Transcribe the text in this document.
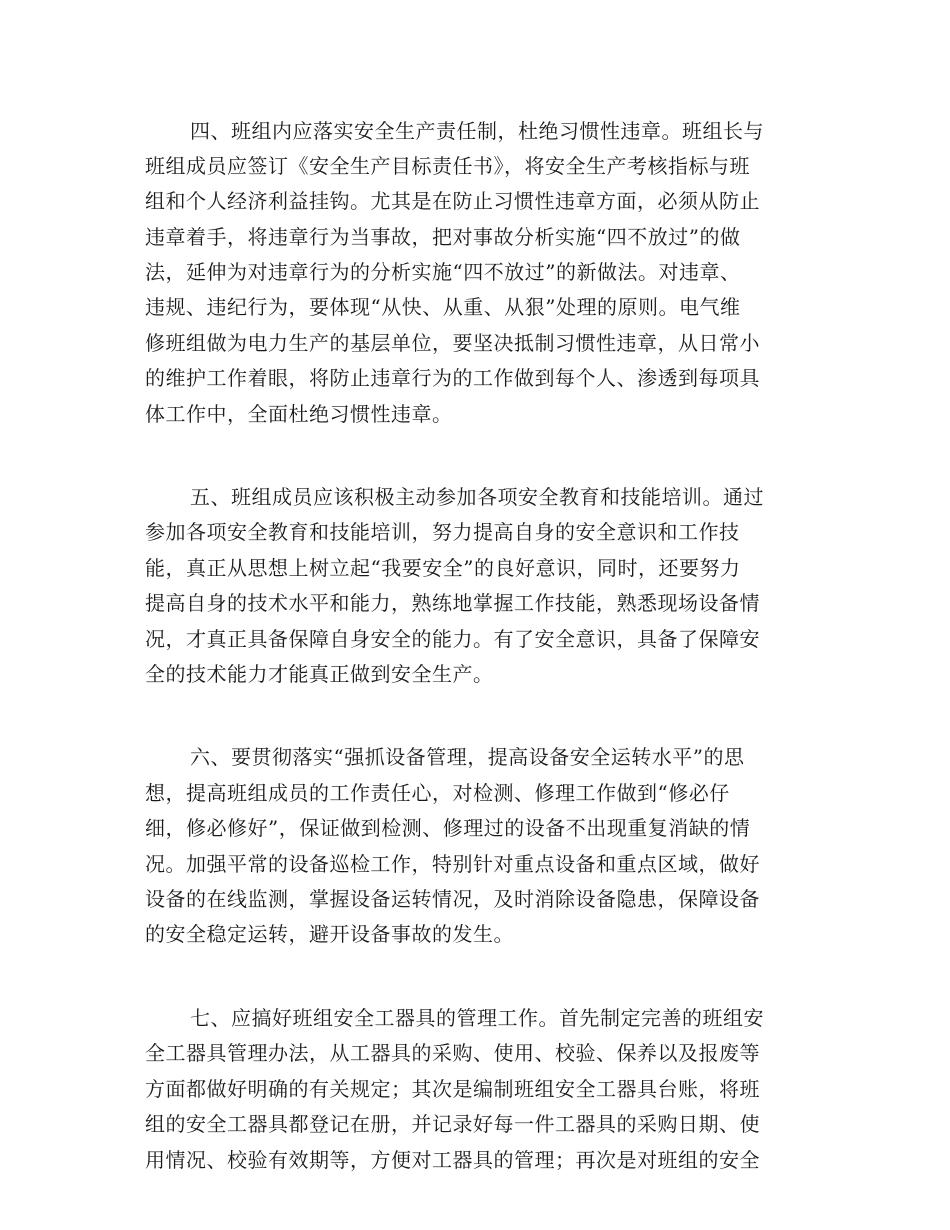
四、班组内应落实安全生产责任制，杜绝习惯性违章。班组长与
班组成员应签订《安全生产目标责任书》，将安全生产考核指标与班
组和个人经济利益挂钩。尤其是在防止习惯性违章方面，必须从防止
违章着手，将违章行为当事故，把对事故分析实施“四不放过”的做
法，延伸为对违章行为的分析实施“四不放过”的新做法。对违章、
违规、违纪行为，要体现“从快、从重、从狠”处理的原则。电气维
修班组做为电力生产的基层单位，要坚决抵制习惯性违章，从日常小
的维护工作着眼，将防止违章行为的工作做到每个人、渗透到每项具
体工作中，全面杜绝习惯性违章。
五、班组成员应该积极主动参加各项安全教育和技能培训。通过
参加各项安全教育和技能培训，努力提高自身的安全意识和工作技
能，真正从思想上树立起“我要安全”的良好意识，同时，还要努力
提高自身的技术水平和能力，熟练地掌握工作技能，熟悉现场设备情
况，才真正具备保障自身安全的能力。有了安全意识，具备了保障安
全的技术能力才能真正做到安全生产。
六、要贯彻落实“强抓设备管理，提高设备安全运转水平”的思
想，提高班组成员的工作责任心，对检测、修理工作做到“修必仔
细，修必修好”，保证做到检测、修理过的设备不出现重复消缺的情
况。加强平常的设备巡检工作，特别针对重点设备和重点区域，做好
设备的在线监测，掌握设备运转情况，及时消除设备隐患，保障设备
的安全稳定运转，避开设备事故的发生。
七、应搞好班组安全工器具的管理工作。首先制定完善的班组安
全工器具管理办法，从工器具的采购、使用、校验、保养以及报废等
方面都做好明确的有关规定；其次是编制班组安全工器具台账，将班
组的安全工器具都登记在册，并记录好每一件工器具的采购日期、使
用情况、校验有效期等，方便对工器具的管理；再次是对班组的安全
